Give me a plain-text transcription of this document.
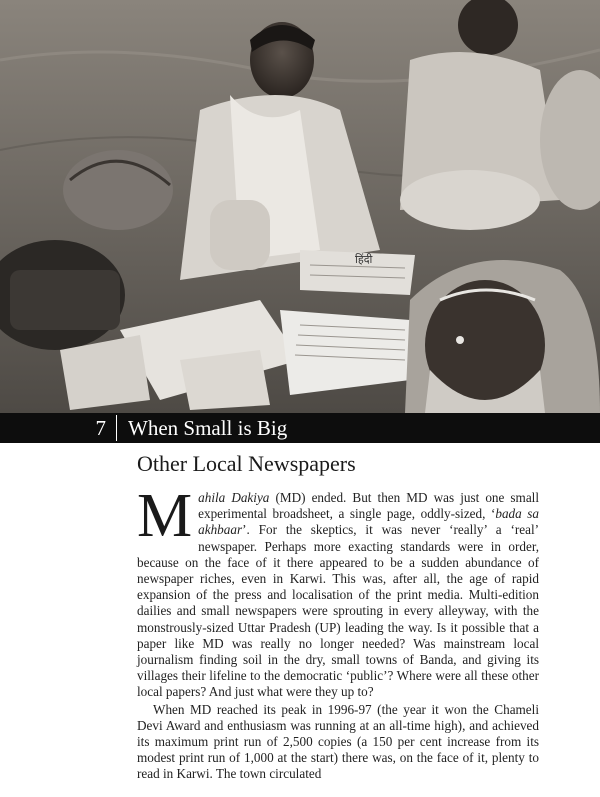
हिंदी
7	When Small is Big
Other Local Newspapers

Mahila Dakiya (MD) ended. But then MD was just one small experimental broadsheet, a single page, oddly-sized, ‘bada sa akhbaar’. For the skeptics, it was never ‘really’ a ‘real’ newspaper. Perhaps more exacting standards were in order, because on the face of it there appeared to be a sudden abundance of newspaper riches, even in Karwi. This was, after all, the age of rapid expansion of the press and localisation of the print media. Multi-edition dailies and small newspapers were sprouting in every alleyway, with the monstrously-sized Uttar Pradesh (UP) leading the way. Is it possible that a paper like MD was really no longer needed? Was mainstream local journalism finding soil in the dry, small towns of Banda, and giving its villages their lifeline to the democratic ‘public’? Where were all these other local papers? And just what were they up to?

When MD reached its peak in 1996-97 (the year it won the Chameli Devi Award and enthusiasm was running at an all-time high), and achieved its maximum print run of 2,500 copies (a 150 per cent increase from its modest print run of 1,000 at the start) there was, on the face of it, plenty to read in Karwi. The town circulated
